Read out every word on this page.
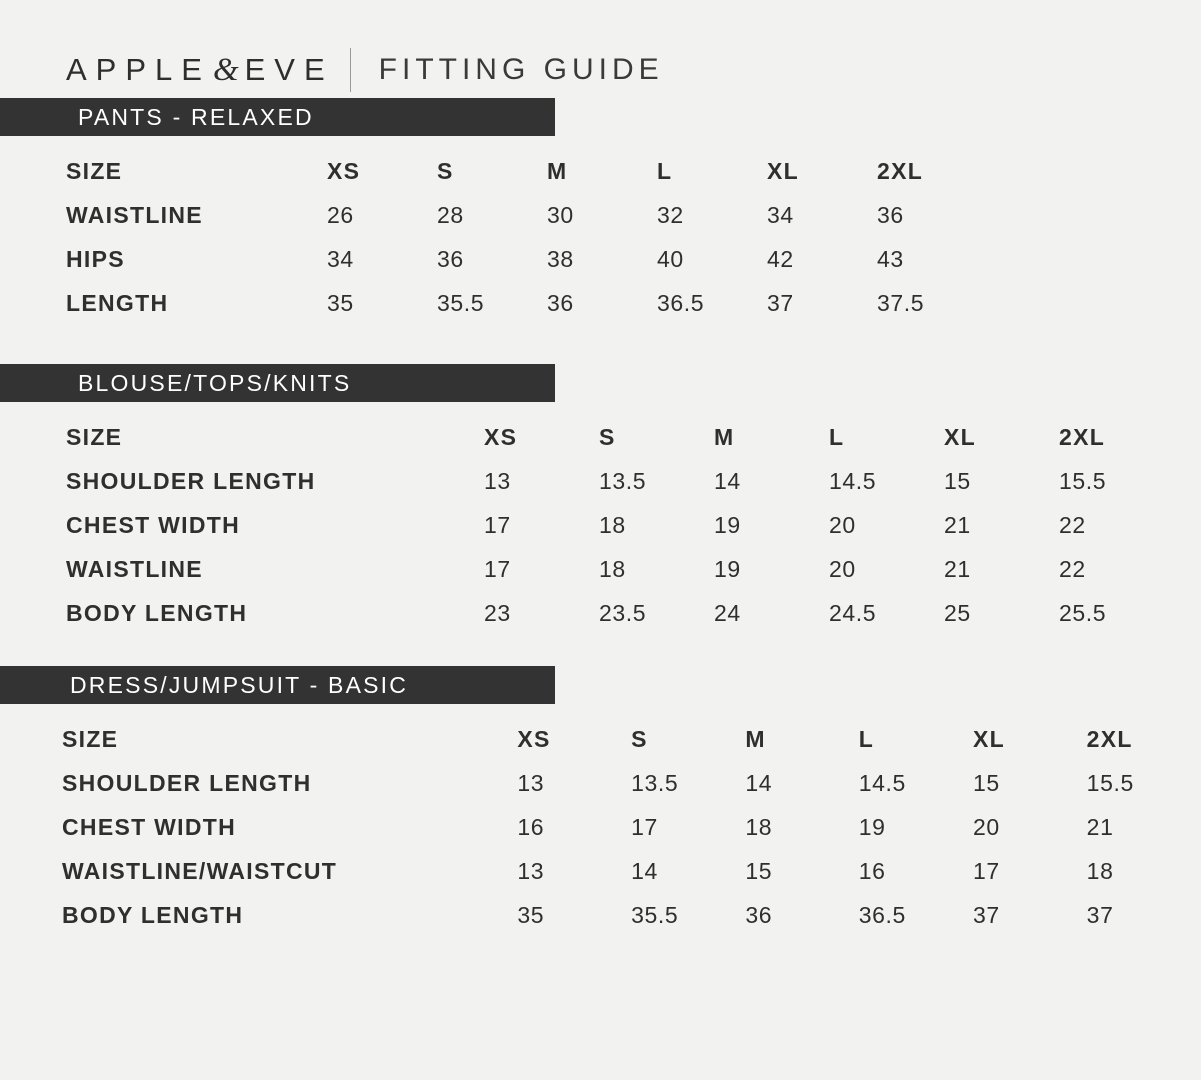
APPLE&EVE FITTING GUIDE
PANTS - RELAXED
SIZE	XS	S	M	L	XL	2XL
WAISTLINE	26	28	30	32	34	36
HIPS	34	36	38	40	42	43
LENGTH	35	35.5	36	36.5	37	37.5
BLOUSE/TOPS/KNITS
SIZE	XS	S	M	L	XL	2XL
SHOULDER LENGTH	13	13.5	14	14.5	15	15.5
CHEST WIDTH	17	18	19	20	21	22
WAISTLINE	17	18	19	20	21	22
BODY LENGTH	23	23.5	24	24.5	25	25.5
DRESS/JUMPSUIT - BASIC
SIZE	XS	S	M	L	XL	2XL
SHOULDER LENGTH	13	13.5	14	14.5	15	15.5
CHEST WIDTH	16	17	18	19	20	21
WAISTLINE/WAISTCUT	13	14	15	16	17	18
BODY LENGTH	35	35.5	36	36.5	37	37
